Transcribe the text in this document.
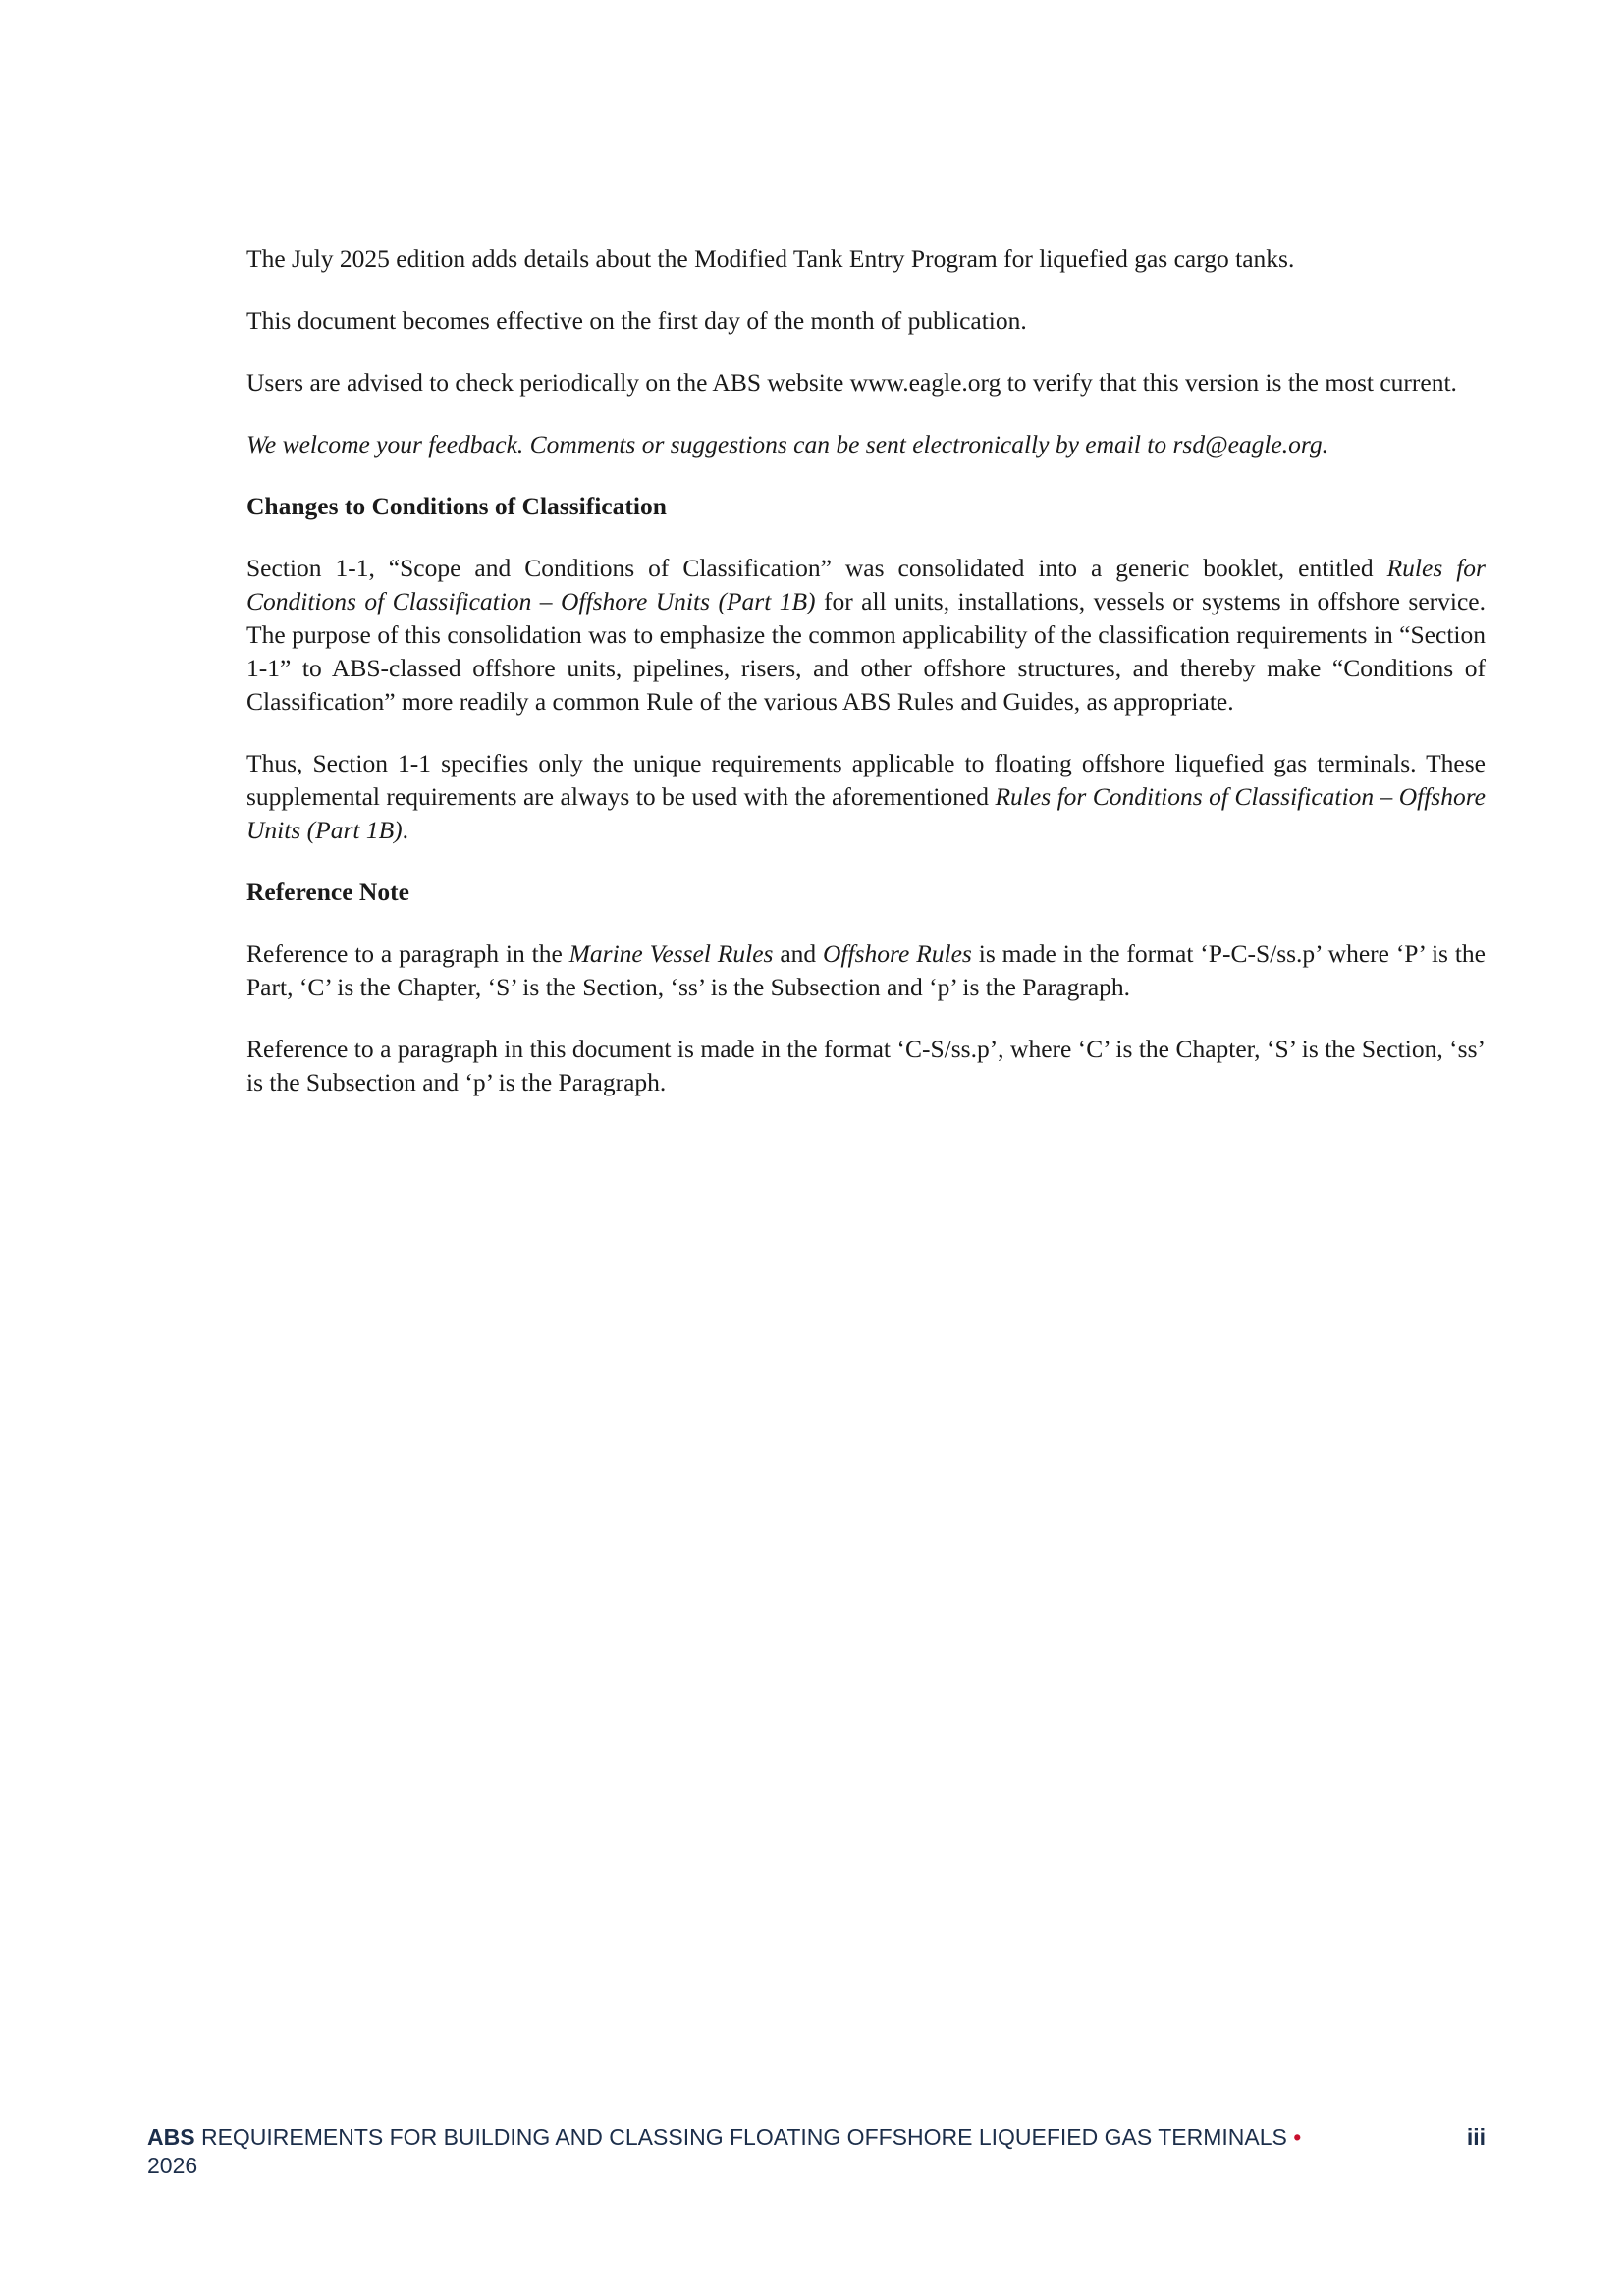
The July 2025 edition adds details about the Modified Tank Entry Program for liquefied gas cargo tanks.

This document becomes effective on the first day of the month of publication.

Users are advised to check periodically on the ABS website www.eagle.org to verify that this version is the most current.

We welcome your feedback. Comments or suggestions can be sent electronically by email to rsd@eagle.org.

Changes to Conditions of Classification

Section 1-1, “Scope and Conditions of Classification” was consolidated into a generic booklet, entitled Rules for Conditions of Classification – Offshore Units (Part 1B) for all units, installations, vessels or systems in offshore service. The purpose of this consolidation was to emphasize the common applicability of the classification requirements in “Section 1-1” to ABS-classed offshore units, pipelines, risers, and other offshore structures, and thereby make “Conditions of Classification” more readily a common Rule of the various ABS Rules and Guides, as appropriate.

Thus, Section 1-1 specifies only the unique requirements applicable to floating offshore liquefied gas terminals. These supplemental requirements are always to be used with the aforementioned Rules for Conditions of Classification – Offshore Units (Part 1B).

Reference Note

Reference to a paragraph in the Marine Vessel Rules and Offshore Rules is made in the format ‘P-C-S/ss.p’ where ‘P’ is the Part, ‘C’ is the Chapter, ‘S’ is the Section, ‘ss’ is the Subsection and ‘p’ is the Paragraph.

Reference to a paragraph in this document is made in the format ‘C-S/ss.p’, where ‘C’ is the Chapter, ‘S’ is the Section, ‘ss’ is the Subsection and ‘p’ is the Paragraph.

ABS REQUIREMENTS FOR BUILDING AND CLASSING FLOATING OFFSHORE LIQUEFIED GAS TERMINALS • 2026
iii
